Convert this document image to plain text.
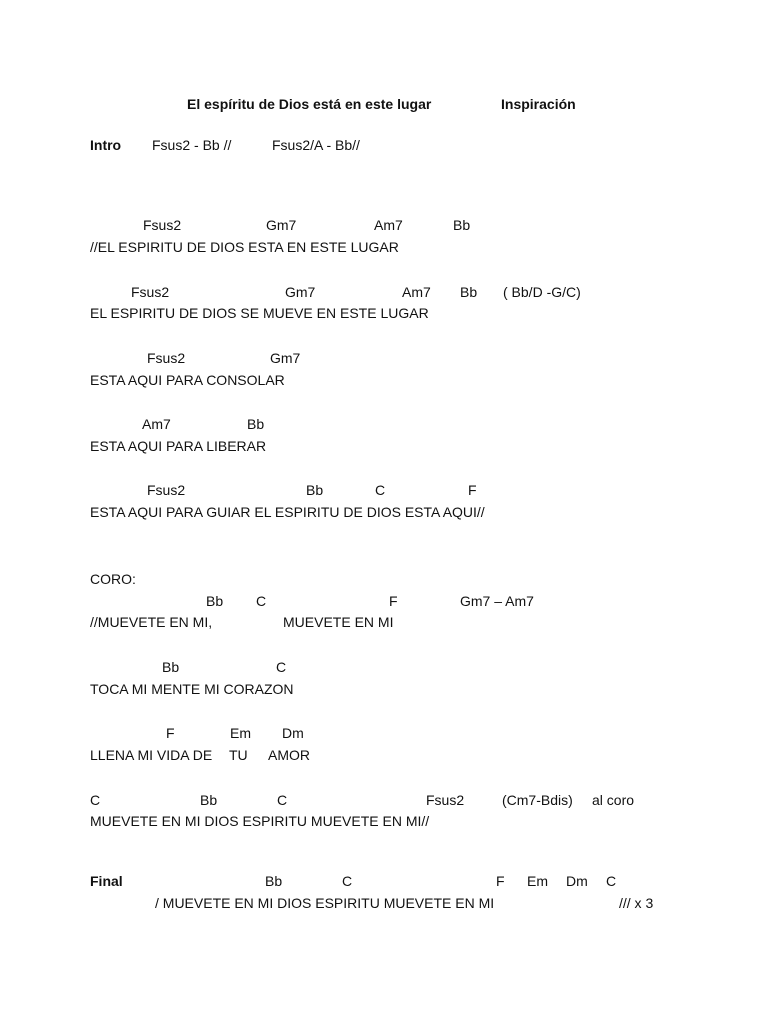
El espíritu de Dios está en este lugar	Inspiración
Intro Fsus2 - Bb //	Fsus2/A - Bb//
Fsus2	Gm7	Am7	Bb
//EL ESPIRITU DE DIOS ESTA EN ESTE LUGAR
Fsus2	Gm7	Am7 Bb ( Bb/D -G/C)
EL ESPIRITU DE DIOS SE MUEVE EN ESTE LUGAR
Fsus2	Gm7
ESTA AQUI PARA CONSOLAR
Am7	Bb
ESTA AQUI PARA LIBERAR
Fsus2	Bb	C	F
ESTA AQUI PARA GUIAR EL ESPIRITU DE DIOS ESTA AQUI//
CORO:
Bb C	F	Gm7 – Am7
//MUEVETE EN MI,	MUEVETE EN MI
Bb	C
TOCA MI MENTE MI CORAZON
F	Em Dm
LLENA MI VIDA DE TU AMOR
C	Bb	C	Fsus2	(Cm7-Bdis) al coro
MUEVETE EN MI DIOS ESPIRITU MUEVETE EN MI//
Final	Bb	C	F Em Dm C
/ MUEVETE EN MI DIOS ESPIRITU MUEVETE EN MI	/// x 3
